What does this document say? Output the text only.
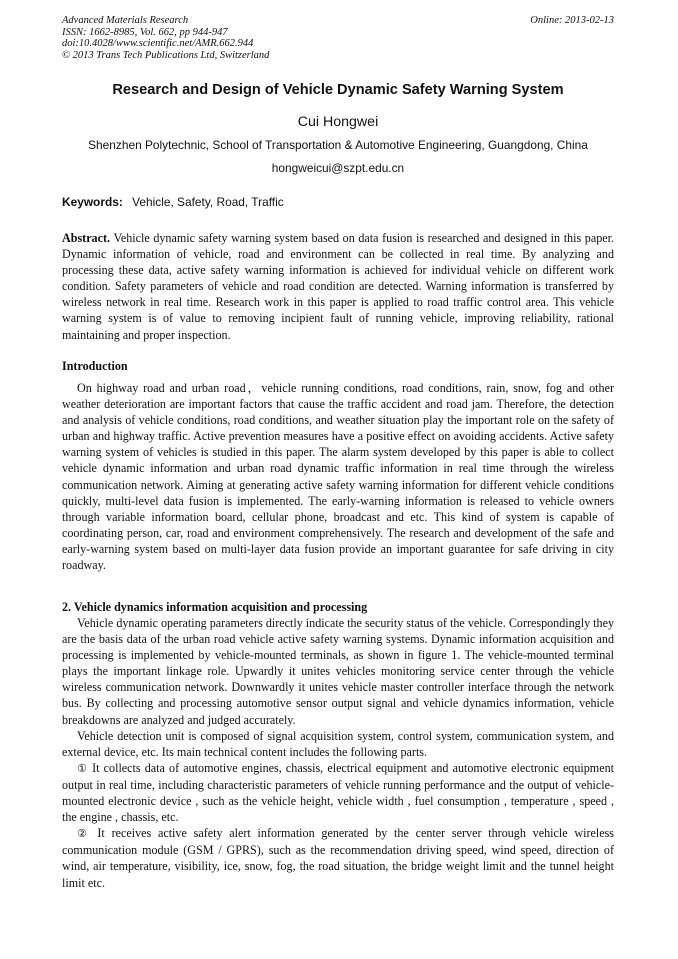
Advanced Materials Research
ISSN: 1662-8985, Vol. 662, pp 944-947
doi:10.4028/www.scientific.net/AMR.662.944
© 2013 Trans Tech Publications Ltd, Switzerland
Online: 2013-02-13
Research and Design of Vehicle Dynamic Safety Warning System
Cui Hongwei
Shenzhen Polytechnic, School of Transportation & Automotive Engineering, Guangdong, China
hongweicui@szpt.edu.cn
Keywords: Vehicle, Safety, Road, Traffic

Abstract. Vehicle dynamic safety warning system based on data fusion is researched and designed in this paper. Dynamic information of vehicle, road and environment can be collected in real time. By analyzing and processing these data, active safety warning information is achieved for individual vehicle on different work condition. Safety parameters of vehicle and road condition are detected. Warning information is transferred by wireless network in real time. Research work in this paper is applied to road traffic control area. This vehicle warning system is of value to removing incipient fault of running vehicle, improving reliability, rational maintaining and proper inspection.

Introduction

On highway road and urban road，vehicle running conditions, road conditions, rain, snow, fog and other weather deterioration are important factors that cause the traffic accident and road jam. Therefore, the detection and analysis of vehicle conditions, road conditions, and weather situation play the important role on the safety of urban and highway traffic. Active prevention measures have a positive effect on avoiding accidents. Active safety warning system of vehicles is studied in this paper. The alarm system developed by this paper is able to collect vehicle dynamic information and urban road dynamic traffic information in real time through the wireless communication network. Aiming at generating active safety warning information for different vehicle conditions quickly, multi-level data fusion is implemented. The early-warning information is released to vehicle owners through variable information board, cellular phone, broadcast and etc. This kind of system is capable of coordinating person, car, road and environment comprehensively. The research and development of the safe and early-warning system based on multi-layer data fusion provide an important guarantee for safe driving in city roadway.

2. Vehicle dynamics information acquisition and processing

Vehicle dynamic operating parameters directly indicate the security status of the vehicle. Correspondingly they are the basis data of the urban road vehicle active safety warning systems. Dynamic information acquisition and processing is implemented by vehicle-mounted terminals, as shown in figure 1. The vehicle-mounted terminal plays the important linkage role. Upwardly it unites vehicles monitoring service center through the vehicle wireless communication network. Downwardly it unites vehicle master controller interface through the network bus. By collecting and processing automotive sensor output signal and vehicle dynamics information, vehicle breakdowns are analyzed and judged accurately.

Vehicle detection unit is composed of signal acquisition system, control system, communication system, and external device, etc. Its main technical content includes the following parts.

① It collects data of automotive engines, chassis, electrical equipment and automotive electronic equipment output in real time, including characteristic parameters of vehicle running performance and the output of vehicle-mounted electronic device , such as the vehicle height, vehicle width , fuel consumption , temperature , speed , the engine , chassis, etc.

② It receives active safety alert information generated by the center server through vehicle wireless communication module (GSM / GPRS), such as the recommendation driving speed, wind speed, direction of wind, air temperature, visibility, ice, snow, fog, the road situation, the bridge weight limit and the tunnel height limit etc.
